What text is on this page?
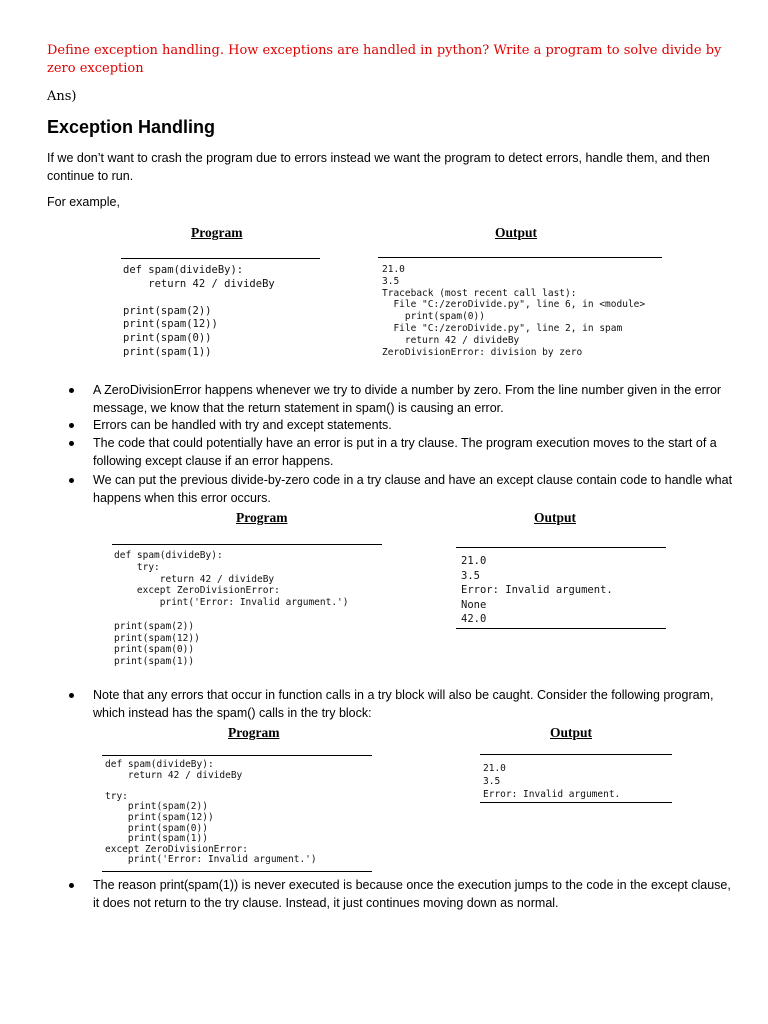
Define exception handling. How exceptions are handled in python? Write a program to solve divide by zero exception
Ans)
Exception Handling
If we don’t want to crash the program due to errors instead we want the program to detect errors, handle them, and then continue to run.
For example,
Program	Output
def spam(divideBy):
return 42 / divideBy

print(spam(2))
print(spam(12))
print(spam(0))
print(spam(1))
21.0
3.5
Traceback (most recent call last):
File "C:/zeroDivide.py", line 6, in <module>
print(spam(0))
File "C:/zeroDivide.py", line 2, in spam
return 42 / divideBy
ZeroDivisionError: division by zero
A ZeroDivisionError happens whenever we try to divide a number by zero. From the line number given in the error message, we know that the return statement in spam() is causing an error.
Errors can be handled with try and except statements.
The code that could potentially have an error is put in a try clause. The program execution moves to the start of a following except clause if an error happens.
We can put the previous divide-by-zero code in a try clause and have an except clause contain code to handle what happens when this error occurs.
Program	Output
def spam(divideBy):
try:
return 42 / divideBy
except ZeroDivisionError:
print('Error: Invalid argument.')

print(spam(2))
print(spam(12))
print(spam(0))
print(spam(1))
21.0
3.5
Error: Invalid argument.
None
42.0
Note that any errors that occur in function calls in a try block will also be caught. Consider the following program, which instead has the spam() calls in the try block:
Program	Output
def spam(divideBy):
return 42 / divideBy

try:
print(spam(2))
print(spam(12))
print(spam(0))
print(spam(1))
except ZeroDivisionError:
print('Error: Invalid argument.')
21.0
3.5
Error: Invalid argument.
The reason print(spam(1)) is never executed is because once the execution jumps to the code in the except clause, it does not return to the try clause. Instead, it just continues moving down as normal.
